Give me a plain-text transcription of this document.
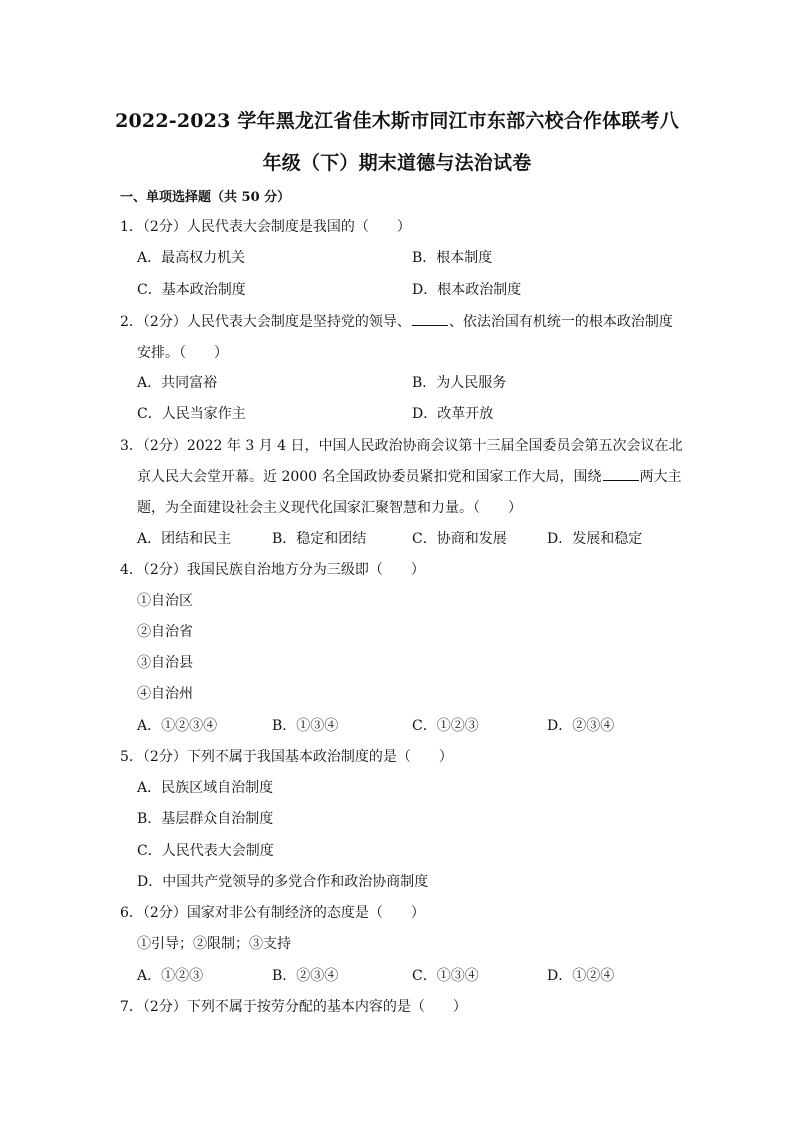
2022-2023 学年黑龙江省佳木斯市同江市东部六校合作体联考八
年级（下）期末道德与法治试卷
一、单项选择题（共 50 分）
1．（2分）人民代表大会制度是我国的（　　）
A．最高权力机关	B．根本制度
C．基本政治制度	D．根本政治制度
2．（2分）人民代表大会制度是坚持党的领导、	、依法治国有机统一的根本政治制度
安排。（　　）
A．共同富裕	B．为人民服务
C．人民当家作主	D．改革开放
3．（2分）2022 年 3 月 4 日，中国人民政治协商会议第十三届全国委员会第五次会议在北
京人民大会堂开幕。近 2000 名全国政协委员紧扣党和国家工作大局，围绕	两大主
题，为全面建设社会主义现代化国家汇聚智慧和力量。（　　）
A．团结和民主	B．稳定和团结	C．协商和发展	D．发展和稳定
4．（2分）我国民族自治地方分为三级即（　　）
①自治区
②自治省
③自治县
④自治州
A．①②③④	B．①③④	C．①②③	D．②③④
5．（2分）下列不属于我国基本政治制度的是（　　）
A．民族区域自治制度
B．基层群众自治制度
C．人民代表大会制度
D．中国共产党领导的多党合作和政治协商制度
6．（2分）国家对非公有制经济的态度是（　　）
①引导；②限制；③支持
A．①②③	B．②③④	C．①③④	D．①②④
7．（2分）下列不属于按劳分配的基本内容的是（　　）
